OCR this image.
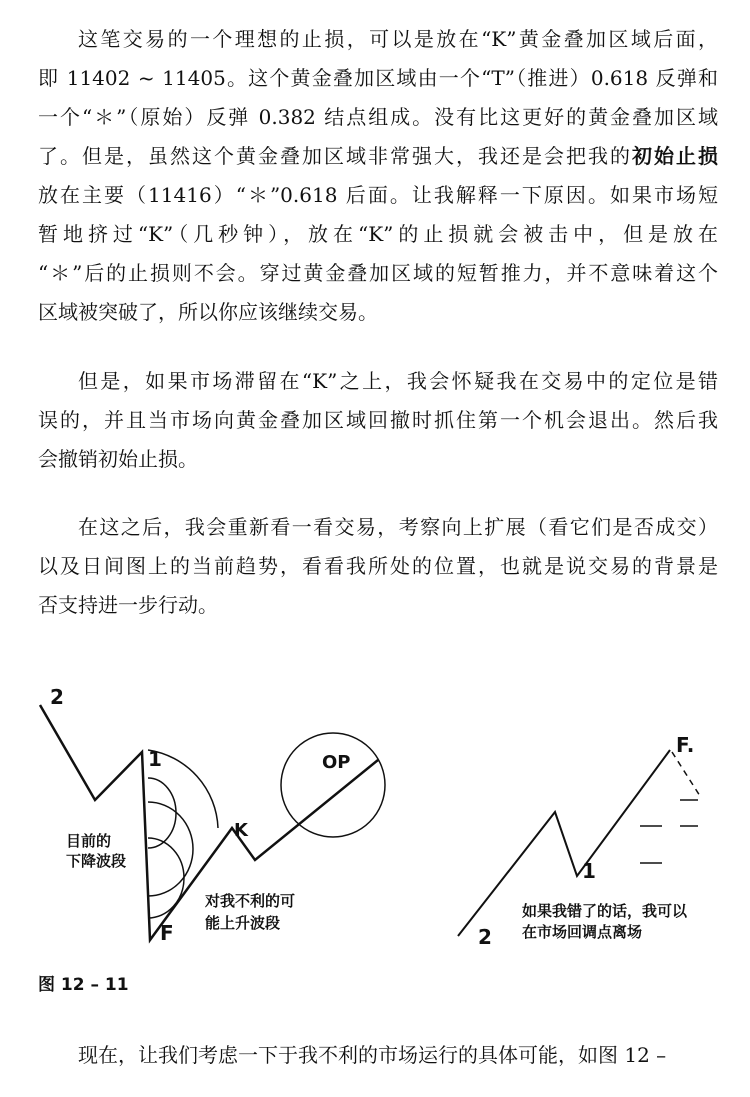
这笔交易的一个理想的止损，可以是放在“K”黄金叠加区域后面，
即 11402 ~ 11405。这个黄金叠加区域由一个“T”（推进）0.618 反弹和
一个“＊”（原始）反弹 0.382 结点组成。没有比这更好的黄金叠加区域
了。但是，虽然这个黄金叠加区域非常强大，我还是会把我的初始止损
放在主要（11416）“＊”0.618 后面。让我解释一下原因。如果市场短
暂地挤过“K”（几秒钟），放在“K”的止损就会被击中，但是放在
“＊”后的止损则不会。穿过黄金叠加区域的短暂推力，并不意味着这个
区域被突破了，所以你应该继续交易。
但是，如果市场滞留在“K”之上，我会怀疑我在交易中的定位是错
误的，并且当市场向黄金叠加区域回撤时抓住第一个机会退出。然后我
会撤销初始止损。
在这之后，我会重新看一看交易，考察向上扩展（看它们是否成交）
以及日间图上的当前趋势，看看我所处的位置，也就是说交易的背景是
否支持进一步行动。
2
1	OP
K
F
目前的
下降波段
对我不利的可
能上升波段
F.
1
2
如果我错了的话，我可以
在市场回调点离场
图 12 – 11
现在，让我们考虑一下于我不利的市场运行的具体可能，如图 12 –
